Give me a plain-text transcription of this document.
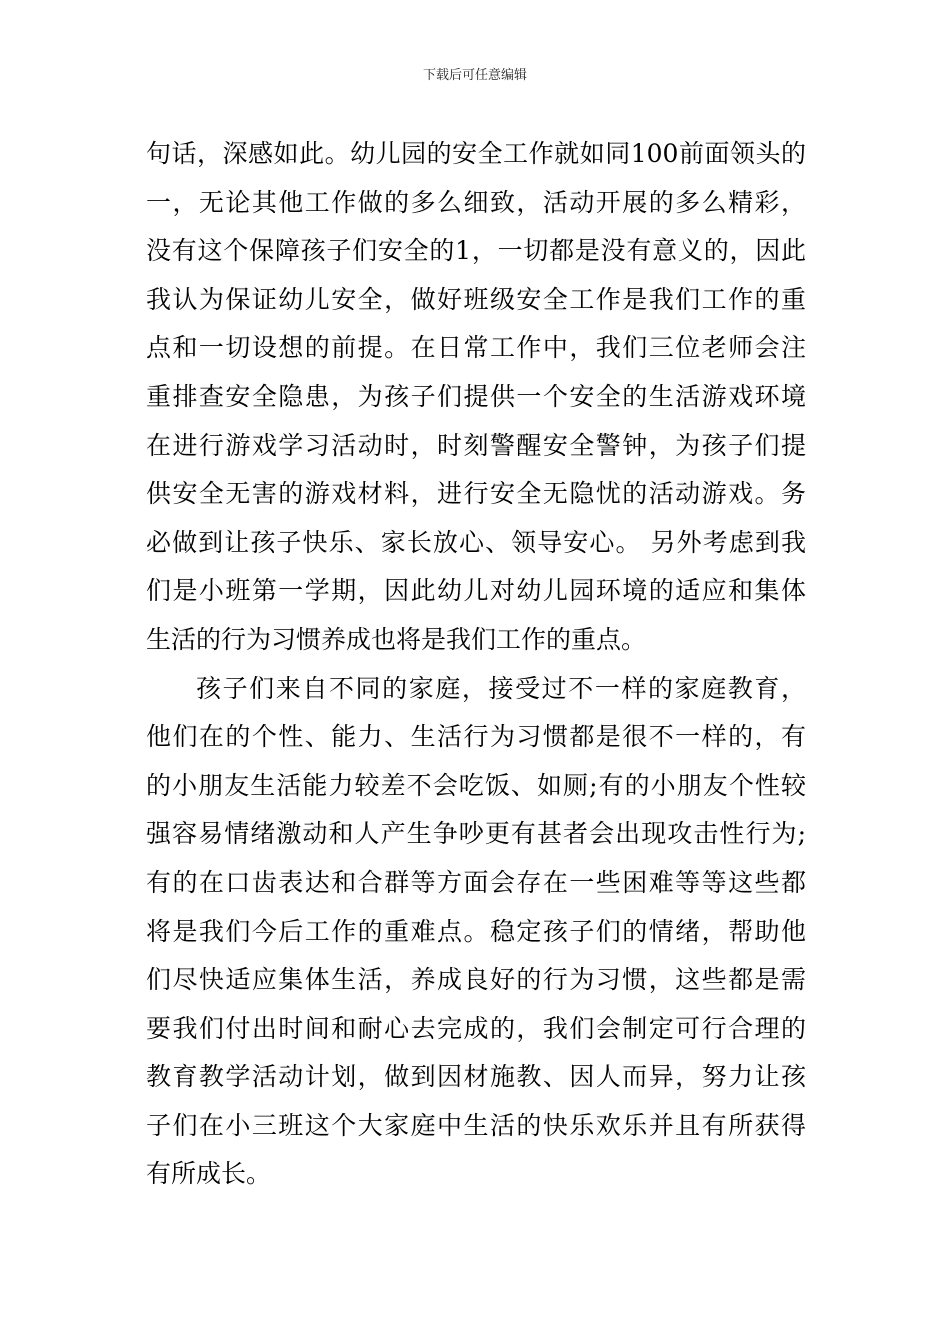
下载后可任意编辑
句话，深感如此。幼儿园的安全工作就如同100前面领头的
一，无论其他工作做的多么细致，活动开展的多么精彩，
没有这个保障孩子们安全的1，一切都是没有意义的，因此
我认为保证幼儿安全，做好班级安全工作是我们工作的重
点和一切设想的前提。在日常工作中，我们三位老师会注
重排查安全隐患，为孩子们提供一个安全的生活游戏环境
在进行游戏学习活动时，时刻警醒安全警钟，为孩子们提
供安全无害的游戏材料，进行安全无隐忧的活动游戏。务
必做到让孩子快乐、家长放心、领导安心。 另外考虑到我
们是小班第一学期，因此幼儿对幼儿园环境的适应和集体
生活的行为习惯养成也将是我们工作的重点。
孩子们来自不同的家庭，接受过不一样的家庭教育，
他们在的个性、能力、生活行为习惯都是很不一样的，有
的小朋友生活能力较差不会吃饭、如厕;有的小朋友个性较
强容易情绪激动和人产生争吵更有甚者会出现攻击性行为;
有的在口齿表达和合群等方面会存在一些困难等等这些都
将是我们今后工作的重难点。稳定孩子们的情绪，帮助他
们尽快适应集体生活，养成良好的行为习惯，这些都是需
要我们付出时间和耐心去完成的，我们会制定可行合理的
教育教学活动计划，做到因材施教、因人而异，努力让孩
子们在小三班这个大家庭中生活的快乐欢乐并且有所获得
有所成长。
